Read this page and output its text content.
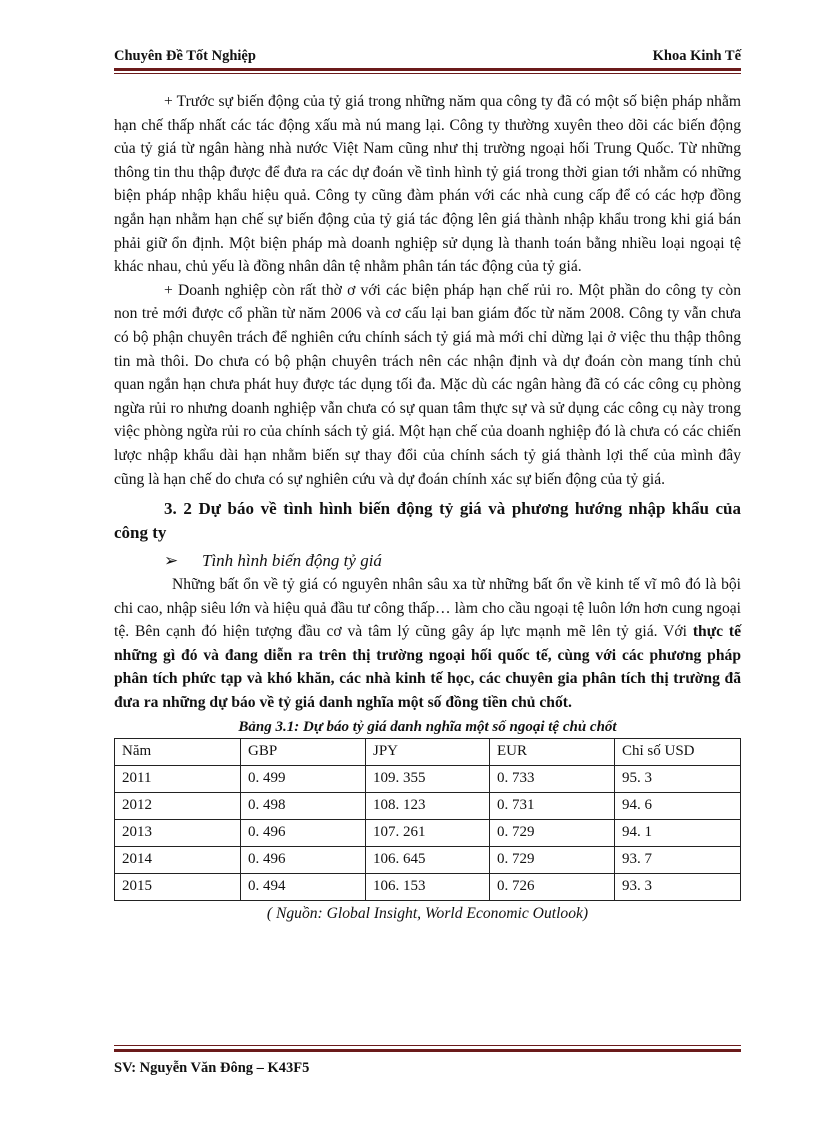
Chuyên Đề Tốt Nghiệp	Khoa Kinh Tế

+ Trước sự biến động của tỷ giá trong những năm qua công ty đã có một số biện pháp nhằm hạn chế thấp nhất các tác động xấu mà nú mang lại. Công ty thường xuyên theo dõi các biến động của tỷ giá từ ngân hàng nhà nước Việt Nam cũng như thị trường ngoại hối Trung Quốc. Từ những thông tin thu thập được để đưa ra các dự đoán về tình hình tỷ giá trong thời gian tới nhằm có những biện pháp nhập khẩu hiệu quả. Công ty cũng đàm phán với các nhà cung cấp để có các hợp đồng ngắn hạn nhằm hạn chế sự biến động của tỷ giá tác động lên giá thành nhập khẩu trong khi giá bán phải giữ ổn định. Một biện pháp mà doanh nghiệp sử dụng là thanh toán bằng nhiều loại ngoại tệ khác nhau, chủ yếu là đồng nhân dân tệ nhằm phân tán tác động của tỷ giá.

+ Doanh nghiệp còn rất thờ ơ với các biện pháp hạn chế rủi ro. Một phần do công ty còn non trẻ mới được cổ phần từ năm 2006 và cơ cấu lại ban giám đốc từ năm 2008. Công ty vẫn chưa có bộ phận chuyên trách để nghiên cứu chính sách tỷ giá mà mới chỉ dừng lại ở việc thu thập thông tin mà thôi. Do chưa có bộ phận chuyên trách nên các nhận định và dự đoán còn mang tính chủ quan ngắn hạn chưa phát huy được tác dụng tối đa. Mặc dù các ngân hàng đã có các công cụ phòng ngừa rủi ro nhưng doanh nghiệp vẫn chưa có sự quan tâm thực sự và sử dụng các công cụ này trong việc phòng ngừa rủi ro của chính sách tỷ giá. Một hạn chế của doanh nghiệp đó là chưa có các chiến lược nhập khẩu dài hạn nhằm biến sự thay đổi của chính sách tỷ giá thành lợi thế của mình đây cũng là hạn chế do chưa có sự nghiên cứu và dự đoán chính xác sự biến động của tỷ giá.

3. 2 Dự báo về tình hình biến động tỷ giá và phương hướng nhập khẩu của công ty
➢ Tình hình biến động tỷ giá

Những bất ổn về tỷ giá có nguyên nhân sâu xa từ những bất ổn về kinh tế vĩ mô đó là bội chi cao, nhập siêu lớn và hiệu quả đầu tư công thấp… làm cho cầu ngoại tệ luôn lớn hơn cung ngoại tệ. Bên cạnh đó hiện tượng đầu cơ và tâm lý cũng gây áp lực mạnh mẽ lên tỷ giá. Với thực tế những gì đó và đang diễn ra trên thị trường ngoại hối quốc tế, cùng với các phương pháp phân tích phức tạp và khó khăn, các nhà kinh tế học, các chuyên gia phân tích thị trường đã đưa ra những dự báo về tỷ giá danh nghĩa một số đồng tiền chủ chốt.

Bảng 3.1: Dự báo tỷ giá danh nghĩa một số ngoại tệ chủ chốt
Năm	GBP	JPY	EUR	Chỉ số USD
2011	0. 499	109. 355	0. 733	95. 3
2012	0. 498	108. 123	0. 731	94. 6
2013	0. 496	107. 261	0. 729	94. 1
2014	0. 496	106. 645	0. 729	93. 7
2015	0. 494	106. 153	0. 726	93. 3
( Nguồn: Global Insight, World Economic Outlook)
SV: Nguyễn Văn Đông – K43F5
